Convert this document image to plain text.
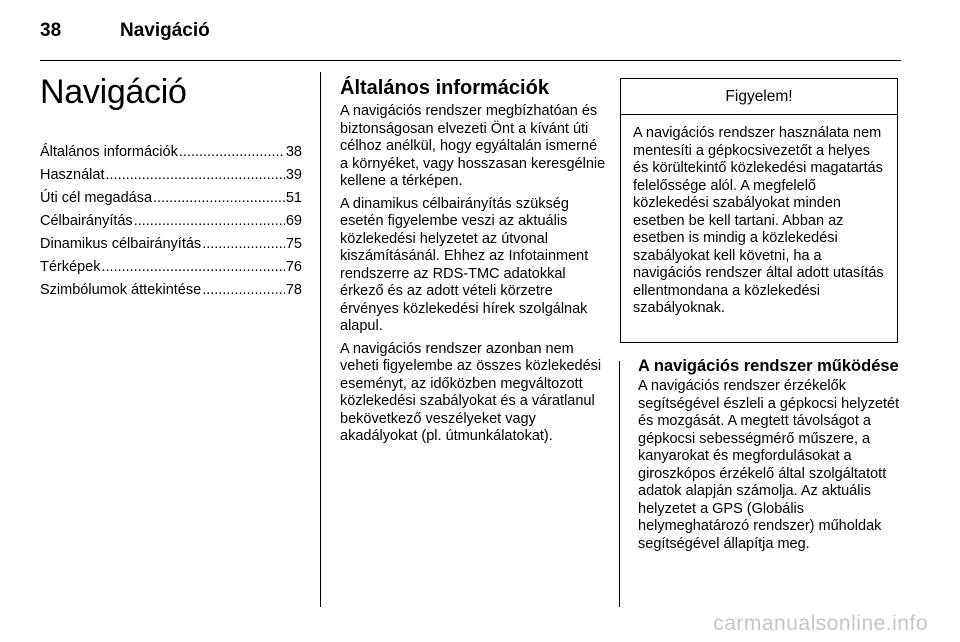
38	Navigáció
Navigáció
Általános információk .....	38
Használat .....	39
Úti cél megadása .....	51
Célbairányítás .....	69
Dinamikus célbairányítás .....	75
Térképek .....	76
Szimbólumok áttekintése .....	78
Általános információk

A navigációs rendszer megbízhatóan és biztonságosan elvezeti Önt a kívánt úti célhoz anélkül, hogy egyáltalán ismerné a környéket, vagy hosszasan keresgélnie kellene a térképen.

A dinamikus célbairányítás szükség esetén figyelembe veszi az aktuális közlekedési helyzetet az útvonal kiszámításánál. Ehhez az Infotainment rendszerre az RDS-TMC adatokkal érkező és az adott vételi körzetre érvényes közlekedési hírek szolgálnak alapul.

A navigációs rendszer azonban nem veheti figyelembe az összes közlekedési eseményt, az időközben megváltozott közlekedési szabályokat és a váratlanul bekövetkező veszélyeket vagy akadályokat (pl. útmunkálatokat).

Figyelem!
A navigációs rendszer használata nem mentesíti a gépkocsivezetőt a helyes és körültekintő közlekedési magatartás felelőssége alól. A megfelelő közlekedési szabályokat minden esetben be kell tartani. Abban az esetben is mindig a közlekedési szabályokat kell követni, ha a navigációs rendszer által adott utasítás ellentmondana a közlekedési szabályoknak.
A navigációs rendszer működése

A navigációs rendszer érzékelők segítségével észleli a gépkocsi helyzetét és mozgását. A megtett távolságot a gépkocsi sebességmérő műszere, a kanyarokat és megfordulásokat a giroszkópos érzékelő által szolgáltatott adatok alapján számolja. Az aktuális helyzetet a GPS (Globális helymeghatározó rendszer) műholdak segítségével állapítja meg.

carmanualsonline.info
